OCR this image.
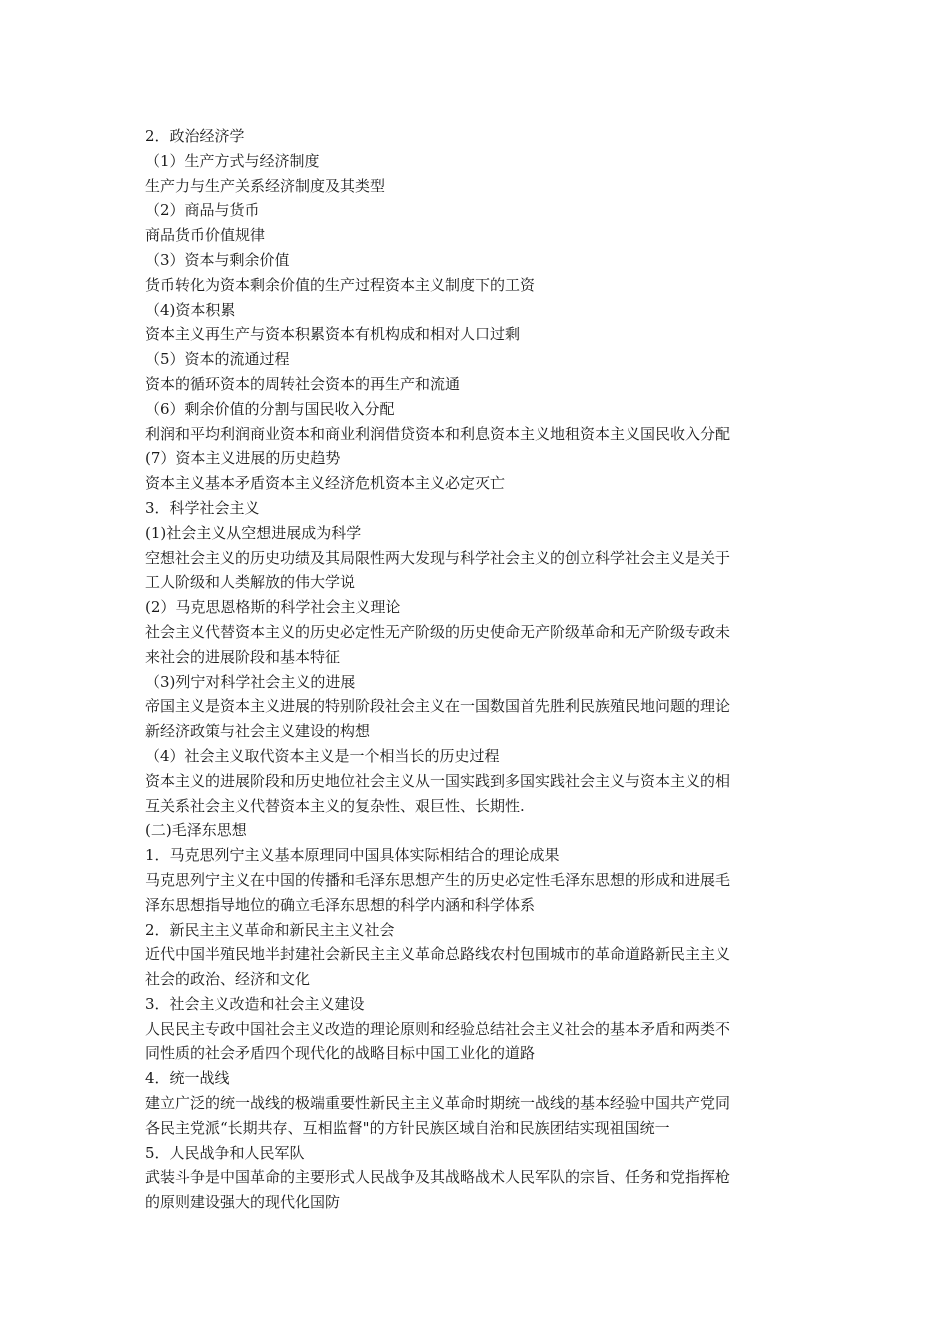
2．政治经济学
（1）生产方式与经济制度
生产力与生产关系经济制度及其类型
（2）商品与货币
商品货币价值规律
（3）资本与剩余价值
货币转化为资本剩余价值的生产过程资本主义制度下的工资
（4)资本积累
资本主义再生产与资本积累资本有机构成和相对人口过剩
（5）资本的流通过程
资本的循环资本的周转社会资本的再生产和流通
（6）剩余价值的分割与国民收入分配
利润和平均利润商业资本和商业利润借贷资本和利息资本主义地租资本主义国民收入分配
(7）资本主义进展的历史趋势
资本主义基本矛盾资本主义经济危机资本主义必定灭亡
3．科学社会主义
(1)社会主义从空想进展成为科学
空想社会主义的历史功绩及其局限性两大发现与科学社会主义的创立科学社会主义是关于
工人阶级和人类解放的伟大学说
(2）马克思恩格斯的科学社会主义理论
社会主义代替资本主义的历史必定性无产阶级的历史使命无产阶级革命和无产阶级专政未
来社会的进展阶段和基本特征
（3)列宁对科学社会主义的进展
帝国主义是资本主义进展的特别阶段社会主义在一国数国首先胜利民族殖民地问题的理论
新经济政策与社会主义建设的构想
（4）社会主义取代资本主义是一个相当长的历史过程
资本主义的进展阶段和历史地位社会主义从一国实践到多国实践社会主义与资本主义的相
互关系社会主义代替资本主义的复杂性、艰巨性、长期性.
(二)毛泽东思想
1．马克思列宁主义基本原理同中国具体实际相结合的理论成果
马克思列宁主义在中国的传播和毛泽东思想产生的历史必定性毛泽东思想的形成和进展毛
泽东思想指导地位的确立毛泽东思想的科学内涵和科学体系
2．新民主主义革命和新民主主义社会
近代中国半殖民地半封建社会新民主主义革命总路线农村包围城市的革命道路新民主主义
社会的政治、经济和文化
3．社会主义改造和社会主义建设
人民民主专政中国社会主义改造的理论原则和经验总结社会主义社会的基本矛盾和两类不
同性质的社会矛盾四个现代化的战略目标中国工业化的道路
4．统一战线
建立广泛的统一战线的极端重要性新民主主义革命时期统一战线的基本经验中国共产党同
各民主党派“长期共存、互相监督"的方针民族区域自治和民族团结实现祖国统一
5．人民战争和人民军队
武装斗争是中国革命的主要形式人民战争及其战略战术人民军队的宗旨、任务和党指挥枪
的原则建设强大的现代化国防
